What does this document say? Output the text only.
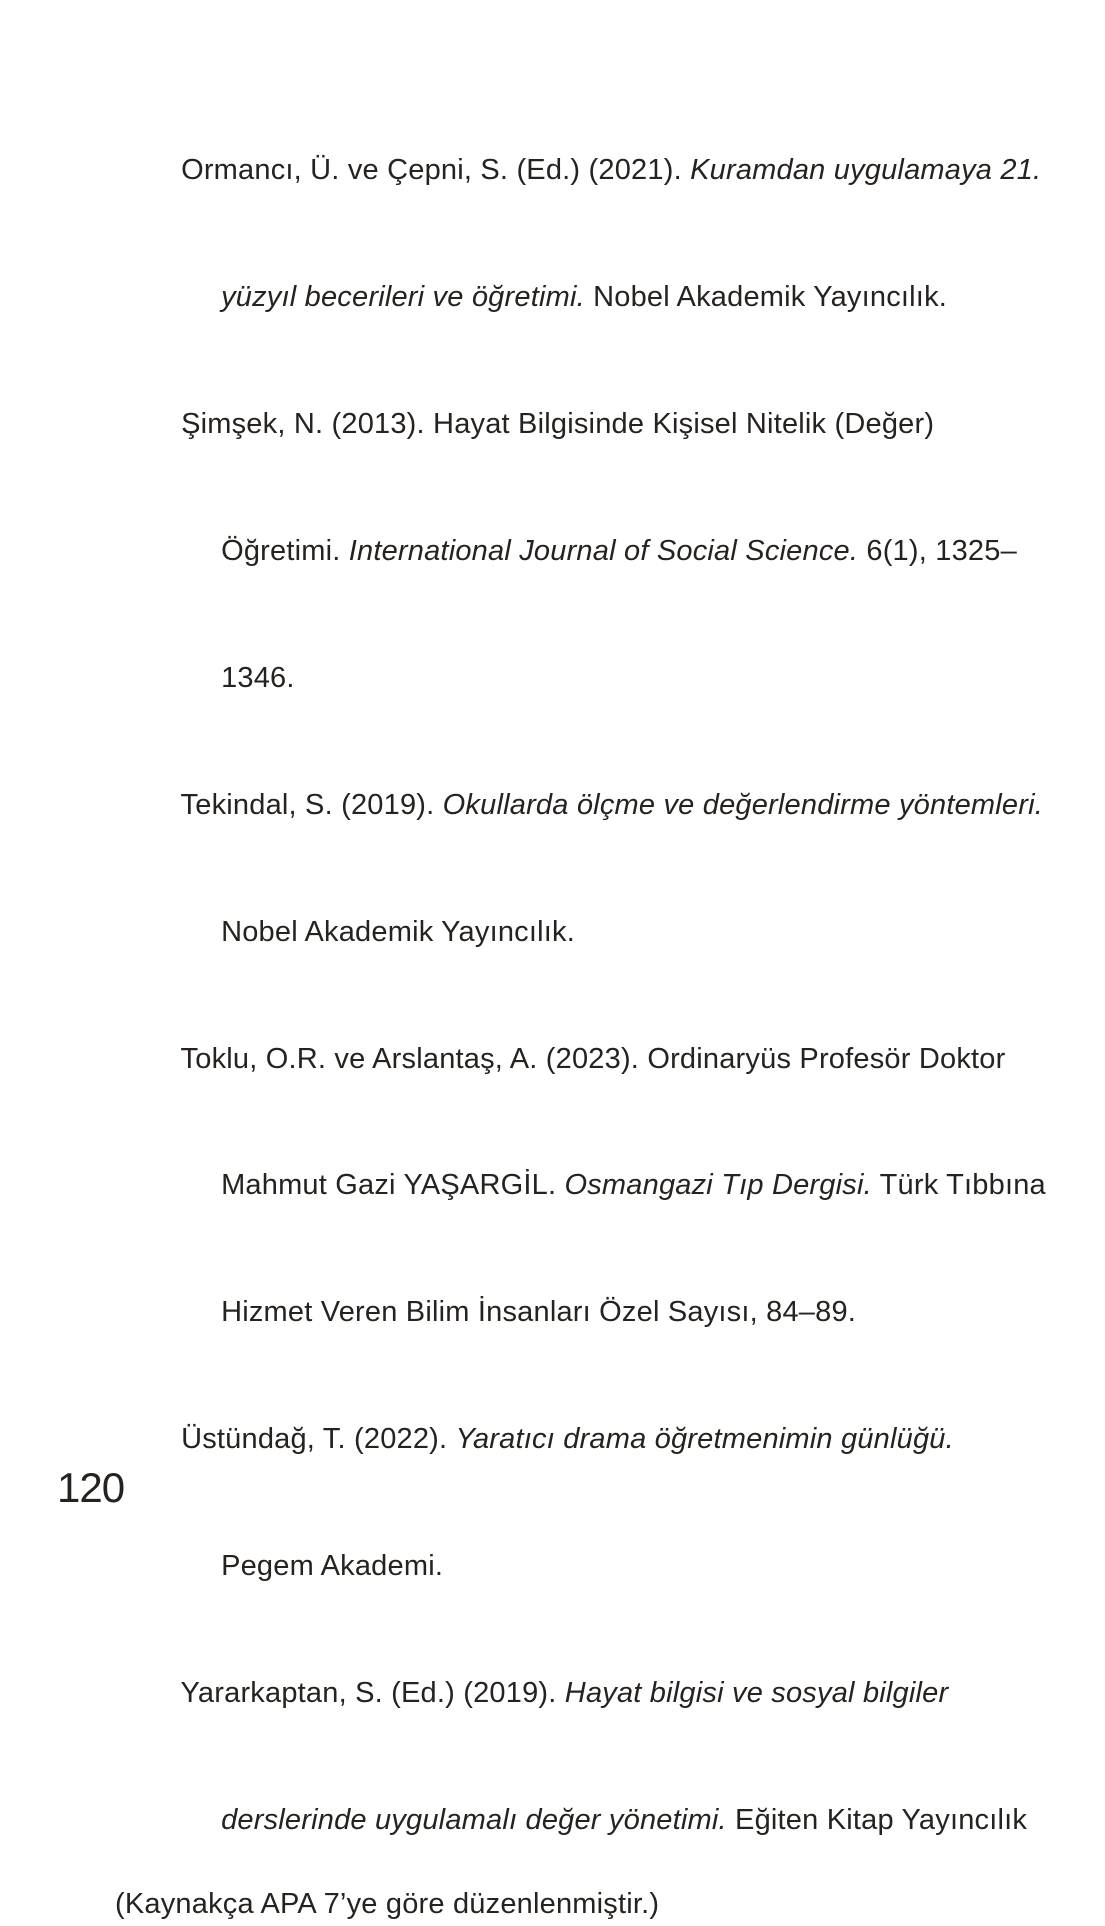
Ormancı, Ü. ve Çepni, S. (Ed.) (2021). Kuramdan uygulamaya 21.

yüzyıl becerileri ve öğretimi. Nobel Akademik Yayıncılık.

Şimşek, N. (2013). Hayat Bilgisinde Kişisel Nitelik (Değer)

Öğretimi. International Journal of Social Science. 6(1), 1325–

1346.

Tekindal, S. (2019). Okullarda ölçme ve değerlendirme yöntemleri.

Nobel Akademik Yayıncılık.

Toklu, O.R. ve Arslantaş, A. (2023). Ordinaryüs Profesör Doktor

Mahmut Gazi YAŞARGİL. Osmangazi Tıp Dergisi. Türk Tıbbına

Hizmet Veren Bilim İnsanları Özel Sayısı, 84–89.

Üstündağ, T. (2022). Yaratıcı drama öğretmenimin günlüğü.

Pegem Akademi.

Yararkaptan, S. (Ed.) (2019). Hayat bilgisi ve sosyal bilgiler

derslerinde uygulamalı değer yönetimi. Eğiten Kitap Yayıncılık

(Kaynakça APA 7’ye göre düzenlenmiştir.)
120
